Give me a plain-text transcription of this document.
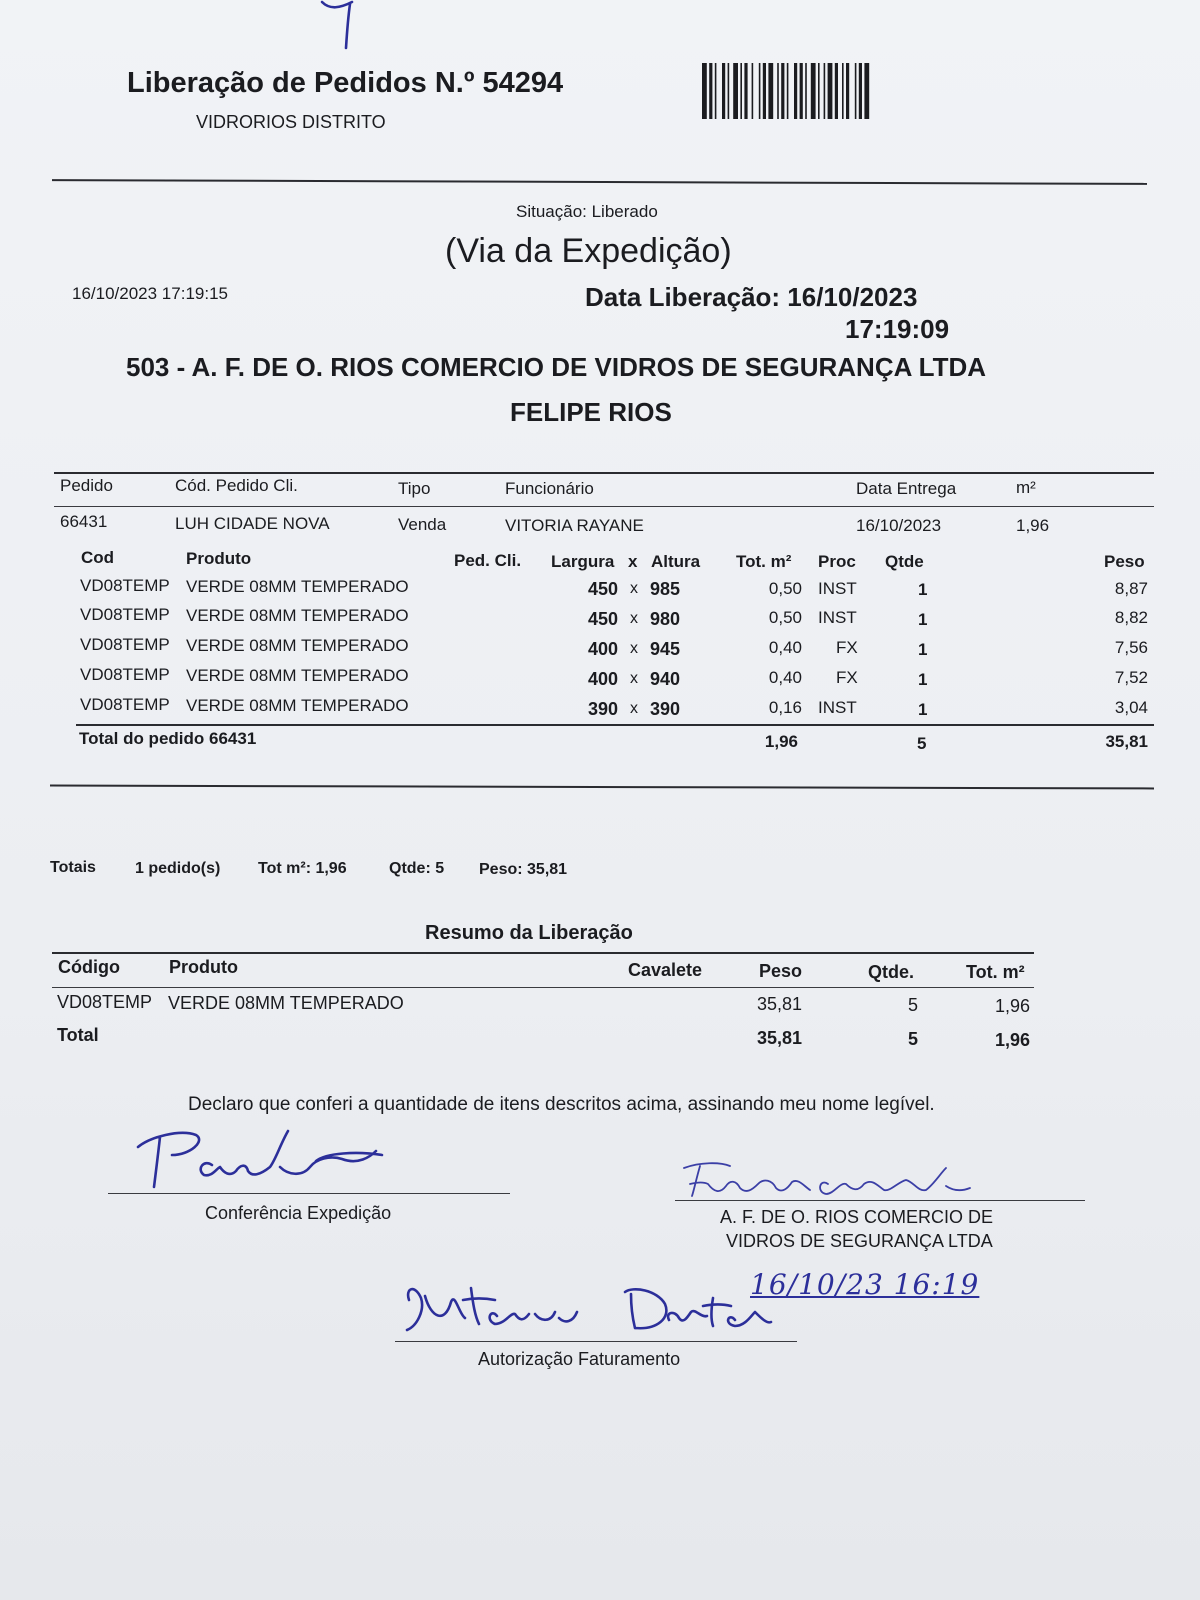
Liberação de Pedidos N.º 54294
VIDRORIOS DISTRITO
Situação: Liberado
(Via da Expedição)
16/10/2023 17:19:15	Data Liberação: 16/10/2023
17:19:09
503 - A. F. DE O. RIOS COMERCIO DE VIDROS DE SEGURANÇA LTDA
FELIPE RIOS
Pedido	Cód. Pedido Cli.	Tipo	Funcionário	Data Entrega	m²
66431	LUH CIDADE NOVA	Venda	VITORIA RAYANE	16/10/2023	1,96
Cod	Produto	Ped. Cli. Largura x Altura Tot. m² Proc Qtde	Peso
VD08TEMP VERDE 08MM TEMPERADO	450 x 985	0,50 INST	1	8,87
VD08TEMP VERDE 08MM TEMPERADO	450 x 980	0,50 INST	1	8,82
VD08TEMP VERDE 08MM TEMPERADO	400 x 945	0,40 FX	1	7,56
VD08TEMP VERDE 08MM TEMPERADO	400 x 940	0,40 FX	1	7,52
VD08TEMP VERDE 08MM TEMPERADO	390 x 390	0,16 INST	1	3,04
Total do pedido 66431	1,96	5	35,81
Totais 1 pedido(s) Tot m²: 1,96	Qtde: 5 Peso: 35,81
Resumo da Liberação
Código	Produto	Cavalete	Peso	Qtde.	Tot. m²
VD08TEMP VERDE 08MM TEMPERADO	35,81	5	1,96
Total	35,81	5	1,96
Declaro que conferi a quantidade de itens descritos acima, assinando meu nome legível.
Conferência Expedição	A. F. DE O. RIOS COMERCIO DE
VIDROS DE SEGURANÇA LTDA
16/10/23 16:19
Autorização Faturamento
